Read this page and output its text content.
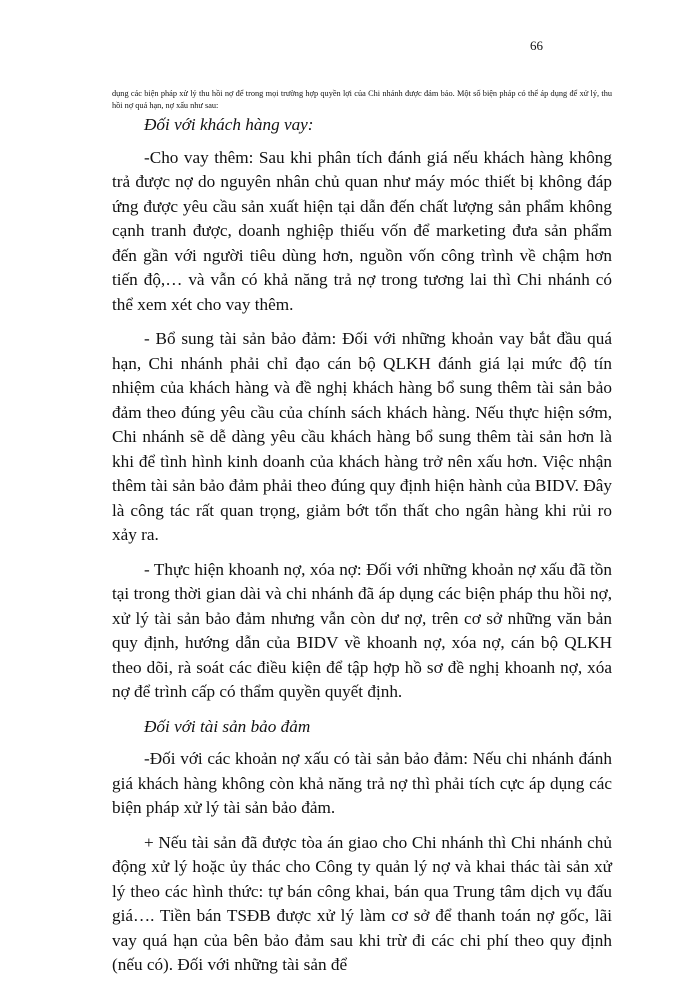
66

dụng các biện pháp xử lý thu hồi nợ để trong mọi trường hợp quyền lợi của Chi nhánh được đảm bảo. Một số biện pháp có thể áp dụng để xử lý, thu hồi nợ quá hạn, nợ xấu như sau:

Đối với khách hàng vay:

-Cho vay thêm: Sau khi phân tích đánh giá nếu khách hàng không trả được nợ do nguyên nhân chủ quan như máy móc thiết bị không đáp ứng được yêu cầu sản xuất hiện tại dẫn đến chất lượng sản phẩm không cạnh tranh được, doanh nghiệp thiếu vốn để marketing đưa sản phẩm đến gần với người tiêu dùng hơn, nguồn vốn công trình về chậm hơn tiến độ,… và vẫn có khả năng trả nợ trong tương lai thì Chi nhánh có thể xem xét cho vay thêm.

- Bổ sung tài sản bảo đảm: Đối với những khoản vay bắt đầu quá hạn, Chi nhánh phải chỉ đạo cán bộ QLKH đánh giá lại mức độ tín nhiệm của khách hàng và đề nghị khách hàng bổ sung thêm tài sản bảo đảm theo đúng yêu cầu của chính sách khách hàng. Nếu thực hiện sớm, Chi nhánh sẽ dễ dàng yêu cầu khách hàng bổ sung thêm tài sản hơn là khi để tình hình kinh doanh của khách hàng trở nên xấu hơn. Việc nhận thêm tài sản bảo đảm phải theo đúng quy định hiện hành của BIDV. Đây là công tác rất quan trọng, giảm bớt tổn thất cho ngân hàng khi rủi ro xảy ra.

- Thực hiện khoanh nợ, xóa nợ: Đối với những khoản nợ xấu đã tồn tại trong thời gian dài và chi nhánh đã áp dụng các biện pháp thu hồi nợ, xử lý tài sản bảo đảm nhưng vẫn còn dư nợ, trên cơ sở những văn bản quy định, hướng dẫn của BIDV về khoanh nợ, xóa nợ, cán bộ QLKH theo dõi, rà soát các điều kiện để tập hợp hồ sơ đề nghị khoanh nợ, xóa nợ để trình cấp có thẩm quyền quyết định.

Đối với tài sản bảo đảm

-Đối với các khoản nợ xấu có tài sản bảo đảm: Nếu chi nhánh đánh giá khách hàng không còn khả năng trả nợ thì phải tích cực áp dụng các biện pháp xử lý tài sản bảo đảm.

+ Nếu tài sản đã được tòa án giao cho Chi nhánh thì Chi nhánh chủ động xử lý hoặc ủy thác cho Công ty quản lý nợ và khai thác tài sản xử lý theo các hình thức: tự bán công khai, bán qua Trung tâm dịch vụ đấu giá…. Tiền bán TSĐB được xử lý làm cơ sở để thanh toán nợ gốc, lãi vay quá hạn của bên bảo đảm sau khi trừ đi các chi phí theo quy định (nếu có). Đối với những tài sản để
